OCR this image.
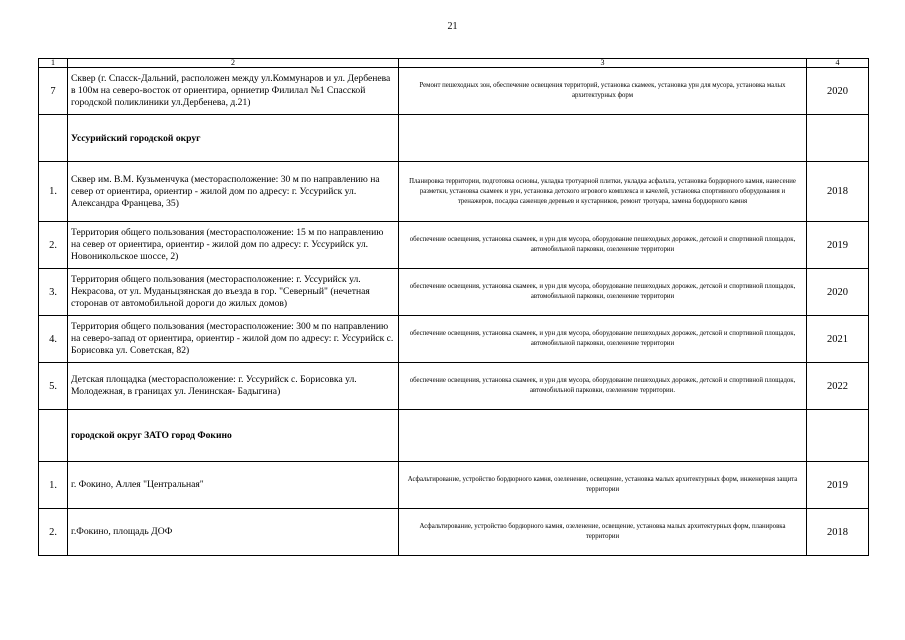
21
1	2	3	4
7	Сквер (г. Спасск-Дальний, расположен между ул.Коммунаров и ул. Дербенева в 100м на северо-восток от ориентира, орниетир Филилал №1 Спасской городской поликлиники ул.Дербенева, д.21)	Ремонт пешеходных зон, обеспечение освещения территорий, установка скамеек, установка урн для мусора, установка малых архитектурных форм	2020
	Уссурийский городской округ		
1.	Сквер им. В.М. Кузьменчука (месторасположение: 30 м по направлению на север от ориентира, ориентир - жилой дом по адресу: г. Уссурийск ул. Александра Францева, 35)	Планировка территории, подготовка основы, укладка тротуарной плитки, укладка асфальта, установка бордюрного камня, нанесение разметки, установка скамеек и урн, установка детского игрового комплекса и качелей, установка спортивного оборудования и тренажеров, посадка саженцев деревьев и кустарников, ремонт тротуара, замена бордюрного камня	2018
2.	Территория общего пользования (месторасположение: 15 м по направлению на север от ориентира, ориентир - жилой дом по адресу: г. Уссурийск ул. Новоникольское шоссе, 2)	обеспечение освещения, установка скамеек, и урн для мусора, оборудование пешеходных дорожек, детской и спортивной площадок, автомобильной парковки, озеленение территории	2019
3.	Территория общего пользования (месторасположение: г. Уссурийск ул. Некрасова, от ул. Муданьцзянская до въезда в гор. "Северный" (нечетная сторонав от автомобильной дороги до жилых домов)	обеспечение освещения, установка скамеек, и урн для мусора, оборудование пешеходных дорожек, детской и спортивной площадок, автомобильной парковки, озеленение территории	2020
4.	Территория общего пользования (месторасположение: 300 м по направлению на северо-запад от ориентира, ориентир - жилой дом по адресу: г. Уссурийск с. Борисовка ул. Советская, 82)	обеспечение освещения, установка скамеек, и урн для мусора, оборудование пешеходных дорожек, детской и спортивной площадок, автомобильной парковки, озеленение территории	2021
5.	Детская площадка (месторасположение: г. Уссурийск с. Борисовка ул. Молодежная, в границах ул. Ленинская- Бадыгина)	обеспечение освещения, установка скамеек, и урн для мусора, оборудование пешеходных дорожек, детской и спортивной площадок, автомобильной парковки, озеленение территории.	2022
	городской округ ЗАТО город Фокино		
1.	г. Фокино, Аллея "Центральная"	Асфальтирование, устройство бордюрного камня, озеленение, освещение, установка малых архитектурных форм, инженерная защита территории	2019
2.	г.Фокино, площадь ДОФ	Асфальтирование, устройство бордюрного камня, озеленение, освещение, установка малых архитектурных форм, планировка территории	2018
